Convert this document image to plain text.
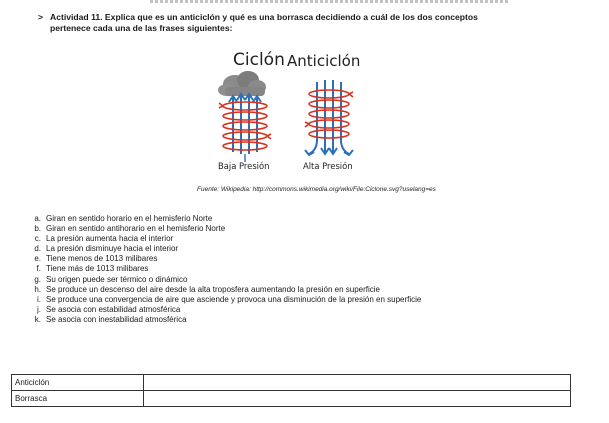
> Actividad 11. Explica que es un anticiclón y qué es una borrasca decidiendo a cuál de los dos conceptos
pertenece cada una de las frases siguientes:
Ciclón Anticiclón
Baja Presión	Alta Presión
Fuente: Wikipedia: http://commons.wikimedia.org/wiki/File:Ciclone.svg?uselang=es
a. Giran en sentido horario en el hemisferio Norte
b. Giran en sentido antihorario en el hemisferio Norte
c. La presión aumenta hacia el interior
d. La presión disminuye hacia el interior
e. Tiene menos de 1013 milibares
f. Tiene más de 1013 milibares
g. Su origen puede ser térmico o dinámico
h. Se produce un descenso del aire desde la alta troposfera aumentando la presión en superficie
i. Se produce una convergencia de aire que asciende y provoca una disminución de la presión en superficie
j. Se asocia con estabilidad atmosférica
k. Se asocia con inestabilidad atmosférica
Anticiclón	
Borrasca	
